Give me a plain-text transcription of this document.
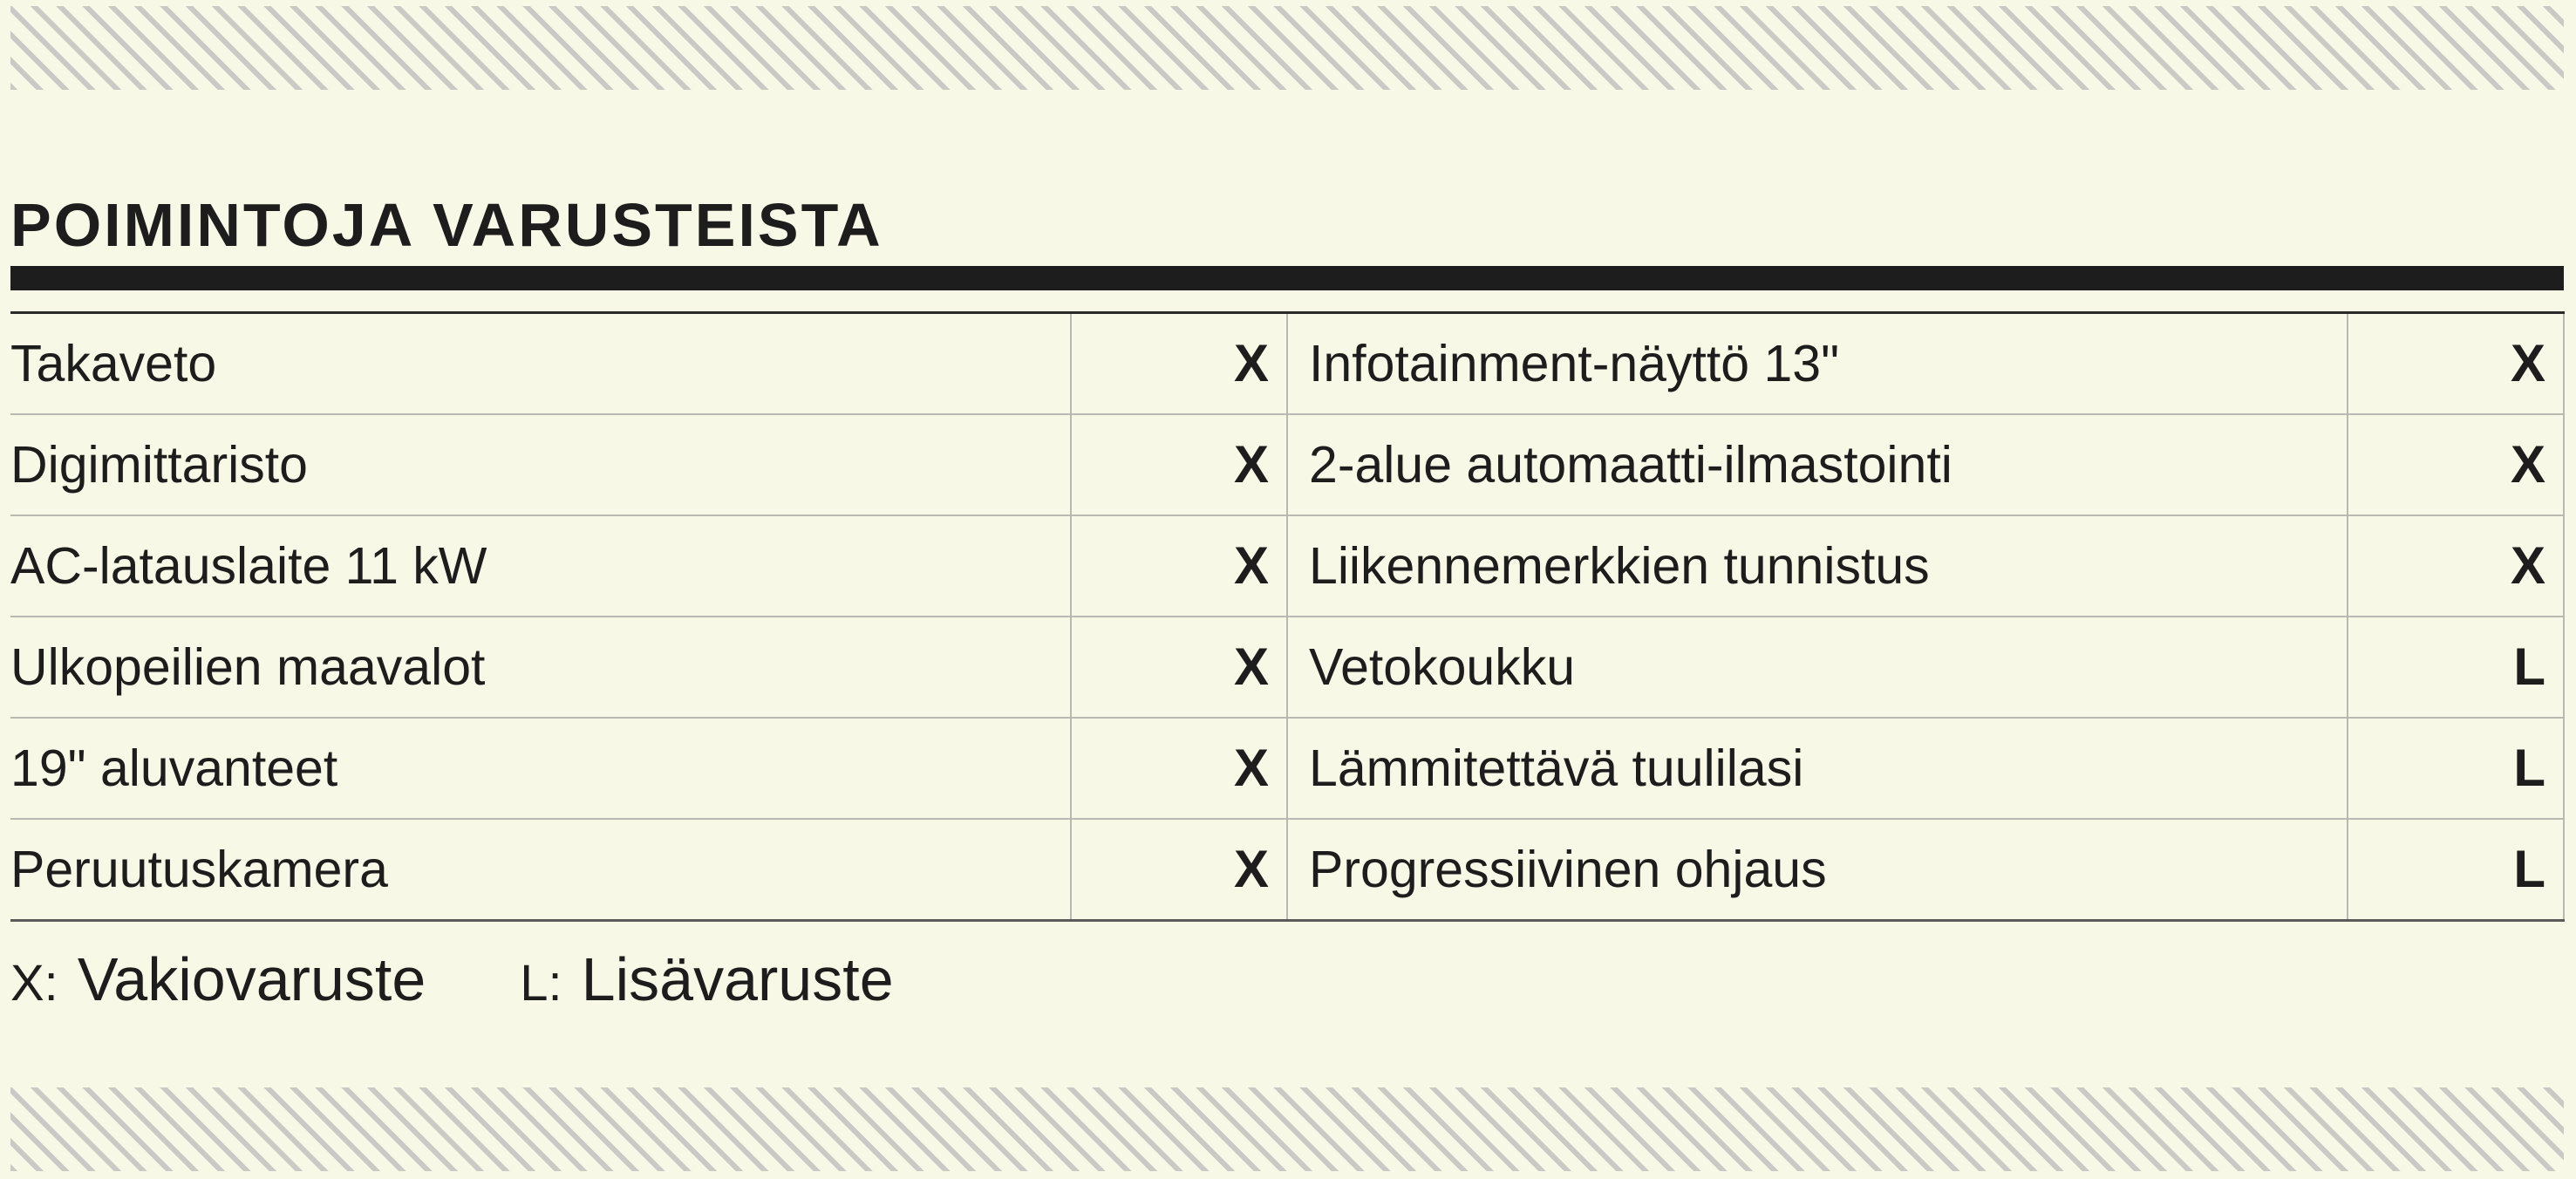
POIMINTOJA VARUSTEISTA
Takaveto	X	Infotainment-näyttö 13"	X
Digimittaristo	X	2-alue automaatti-ilmastointi	X
AC-latauslaite 11 kW	X	Liikennemerkkien tunnistus	X
Ulkopeilien maavalot	X	Vetokoukku	L
19" aluvanteet	X	Lämmitettävä tuulilasi	L
Peruutuskamera	X	Progressiivinen ohjaus	L
X: Vakiovaruste L: Lisävaruste
